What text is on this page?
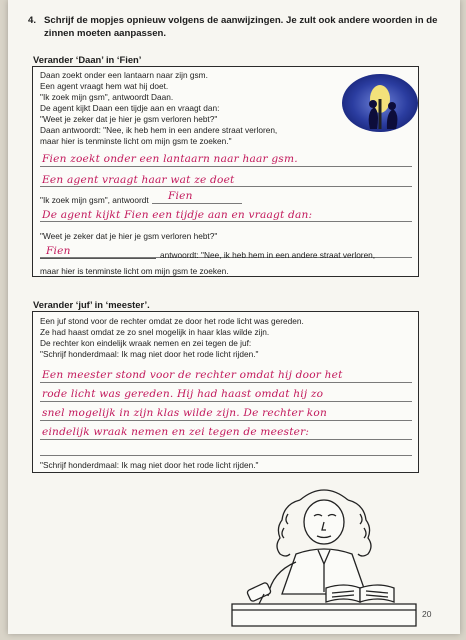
4. Schrijf de mopjes opnieuw volgens de aanwijzingen. Je zult ook andere woorden in de zinnen moeten aanpassen.
Verander ‘Daan’ in ‘Fien’
Daan zoekt onder een lantaarn naar zijn gsm.
Een agent vraagt hem wat hij doet.
"Ik zoek mijn gsm", antwoordt Daan.
De agent kijkt Daan een tijdje aan en vraagt dan:
"Weet je zeker dat je hier je gsm verloren hebt?"
Daan antwoordt: "Nee, ik heb hem in een andere straat verloren,
maar hier is tenminste licht om mijn gsm te zoeken."
Fien zoekt onder een lantaarn naar haar gsm.
Een agent vraagt haar wat ze doet
"Ik zoek mijn gsm", antwoordt Fien
De agent kijkt Fien een tijdje aan en vraagt dan:
"Weet je zeker dat je hier je gsm verloren hebt?"
Fien	antwoordt: "Nee, ik heb hem in een andere straat verloren,
maar hier is tenminste licht om mijn gsm te zoeken.
Verander ‘juf’ in ‘meester’.
Een juf stond voor de rechter omdat ze door het rode licht was gereden.
Ze had haast omdat ze zo snel mogelijk in haar klas wilde zijn.
De rechter kon eindelijk wraak nemen en zei tegen de juf:
"Schrijf honderdmaal: Ik mag niet door het rode licht rijden."
Een meester stond voor de rechter omdat hij door het
rode licht was gereden. Hij had haast omdat hij zo
snel mogelijk in zijn klas wilde zijn. De rechter kon
eindelijk wraak nemen en zei tegen de meester:
"Schrijf honderdmaal: Ik mag niet door het rode licht rijden."
20
